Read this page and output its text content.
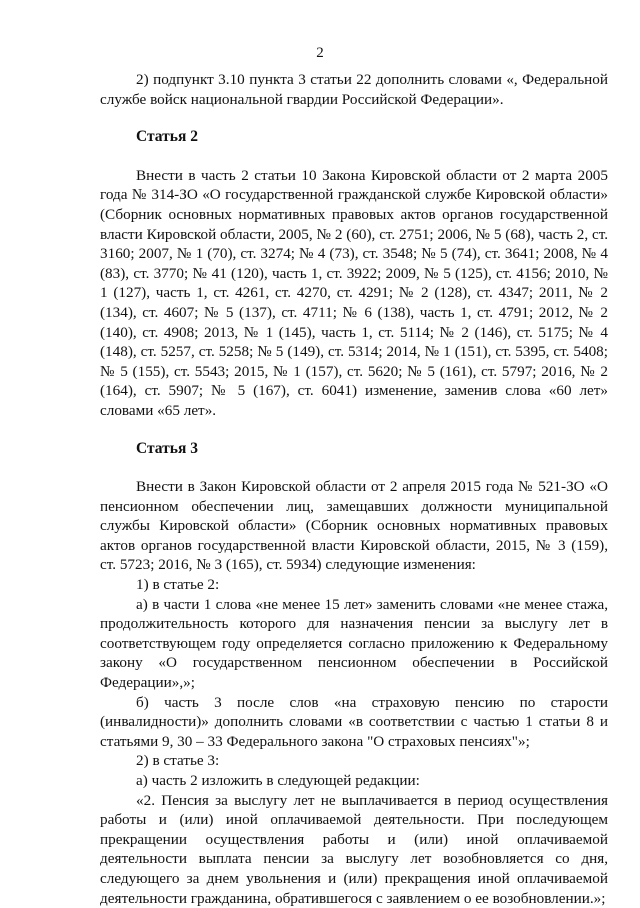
2

2) подпункт 3.10 пункта 3 статьи 22 дополнить словами «, Федеральной службе войск национальной гвардии Российской Федерации».

Статья 2

Внести в часть 2 статьи 10 Закона Кировской области от 2 марта 2005 года № 314-ЗО «О государственной гражданской службе Кировской области» (Сборник основных нормативных правовых актов органов государственной власти Кировской области, 2005, № 2 (60), ст. 2751; 2006, № 5 (68), часть 2, ст. 3160; 2007, № 1 (70), ст. 3274; № 4 (73), ст. 3548; № 5 (74), ст. 3641; 2008, № 4 (83), ст. 3770; № 41 (120), часть 1, ст. 3922; 2009, № 5 (125), ст. 4156; 2010, № 1 (127), часть 1, ст. 4261, ст. 4270, ст. 4291; № 2 (128), ст. 4347; 2011, № 2 (134), ст. 4607; № 5 (137), ст. 4711; № 6 (138), часть 1, ст. 4791; 2012, № 2 (140), ст. 4908; 2013, № 1 (145), часть 1, ст. 5114; № 2 (146), ст. 5175; № 4 (148), ст. 5257, ст. 5258; № 5 (149), ст. 5314; 2014, № 1 (151), ст. 5395, ст. 5408; № 5 (155), ст. 5543; 2015, № 1 (157), ст. 5620; № 5 (161), ст. 5797; 2016, № 2 (164), ст. 5907; № 5 (167), ст. 6041) изменение, заменив слова «60 лет» словами «65 лет».

Статья 3

Внести в Закон Кировской области от 2 апреля 2015 года № 521-ЗО «О пенсионном обеспечении лиц, замещавших должности муниципальной службы Кировской области» (Сборник основных нормативных правовых актов органов государственной власти Кировской области, 2015, № 3 (159), ст. 5723; 2016, № 3 (165), ст. 5934) следующие изменения:

1) в статье 2:

а) в части 1 слова «не менее 15 лет» заменить словами «не менее стажа, продолжительность которого для назначения пенсии за выслугу лет в соответствующем году определяется согласно приложению к Федеральному закону «О государственном пенсионном обеспечении в Российской Федерации»,»;

б) часть 3 после слов «на страховую пенсию по старости (инвалидности)» дополнить словами «в соответствии с частью 1 статьи 8 и статьями 9, 30 – 33 Федерального закона "О страховых пенсиях"»;

2) в статье 3:

а) часть 2 изложить в следующей редакции:

«2. Пенсия за выслугу лет не выплачивается в период осуществления работы и (или) иной оплачиваемой деятельности. При последующем прекращении осуществления работы и (или) иной оплачиваемой деятельности выплата пенсии за выслугу лет возобновляется со дня, следующего за днем увольнения и (или) прекращения иной оплачиваемой деятельности гражданина, обратившегося с заявлением о ее возобновлении.»;
